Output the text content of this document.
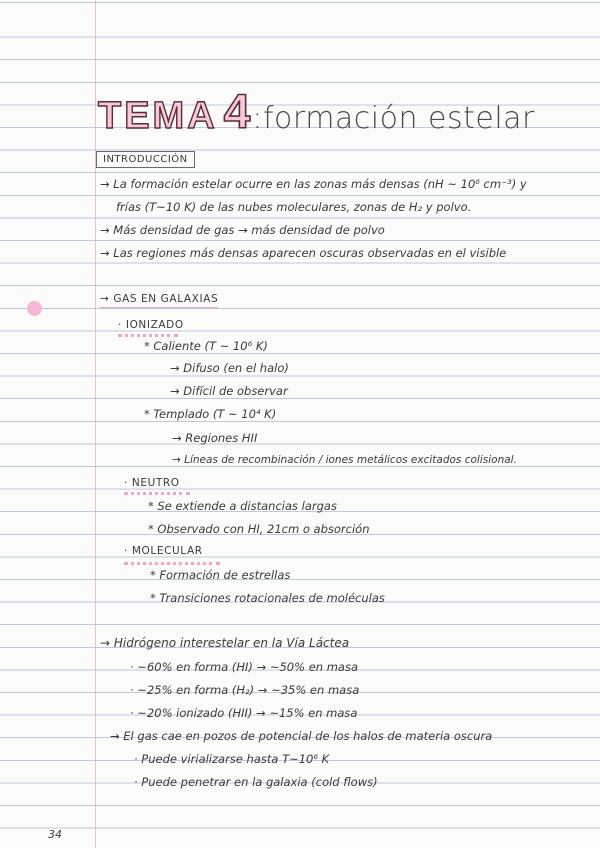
TEMA 4:formación estelar
INTRODUCCIÓN
→ La formación estelar ocurre en las zonas más densas (nH ~ 10⁶ cm⁻³) y
frías (T~10 K) de las nubes moleculares, zonas de H₂ y polvo.
→ Más densidad de gas → más densidad de polvo
→ Las regiones más densas aparecen oscuras observadas en el visible
→ GAS EN GALAXIAS
· IONIZADO
* Caliente (T ~ 10⁶ K)
→ Difuso (en el halo)
→ Difícil de observar
* Templado (T ~ 10⁴ K)
→ Regiones HII
→ Líneas de recombinación / iones metálicos excitados colisional.
· NEUTRO
* Se extiende a distancias largas
* Observado con HI, 21cm o absorción
· MOLECULAR
* Formación de estrellas
* Transiciones rotacionales de moléculas
→ Hidrógeno interestelar en la Vía Láctea
· ~60% en forma (HI) → ~50% en masa
· ~25% en forma (H₂) → ~35% en masa
· ~20% ionizado (HII) → ~15% en masa
→ El gas cae en pozos de potencial de los halos de materia oscura
· Puede virializarse hasta T~10⁶ K
· Puede penetrar en la galaxia (cold flows)
34
